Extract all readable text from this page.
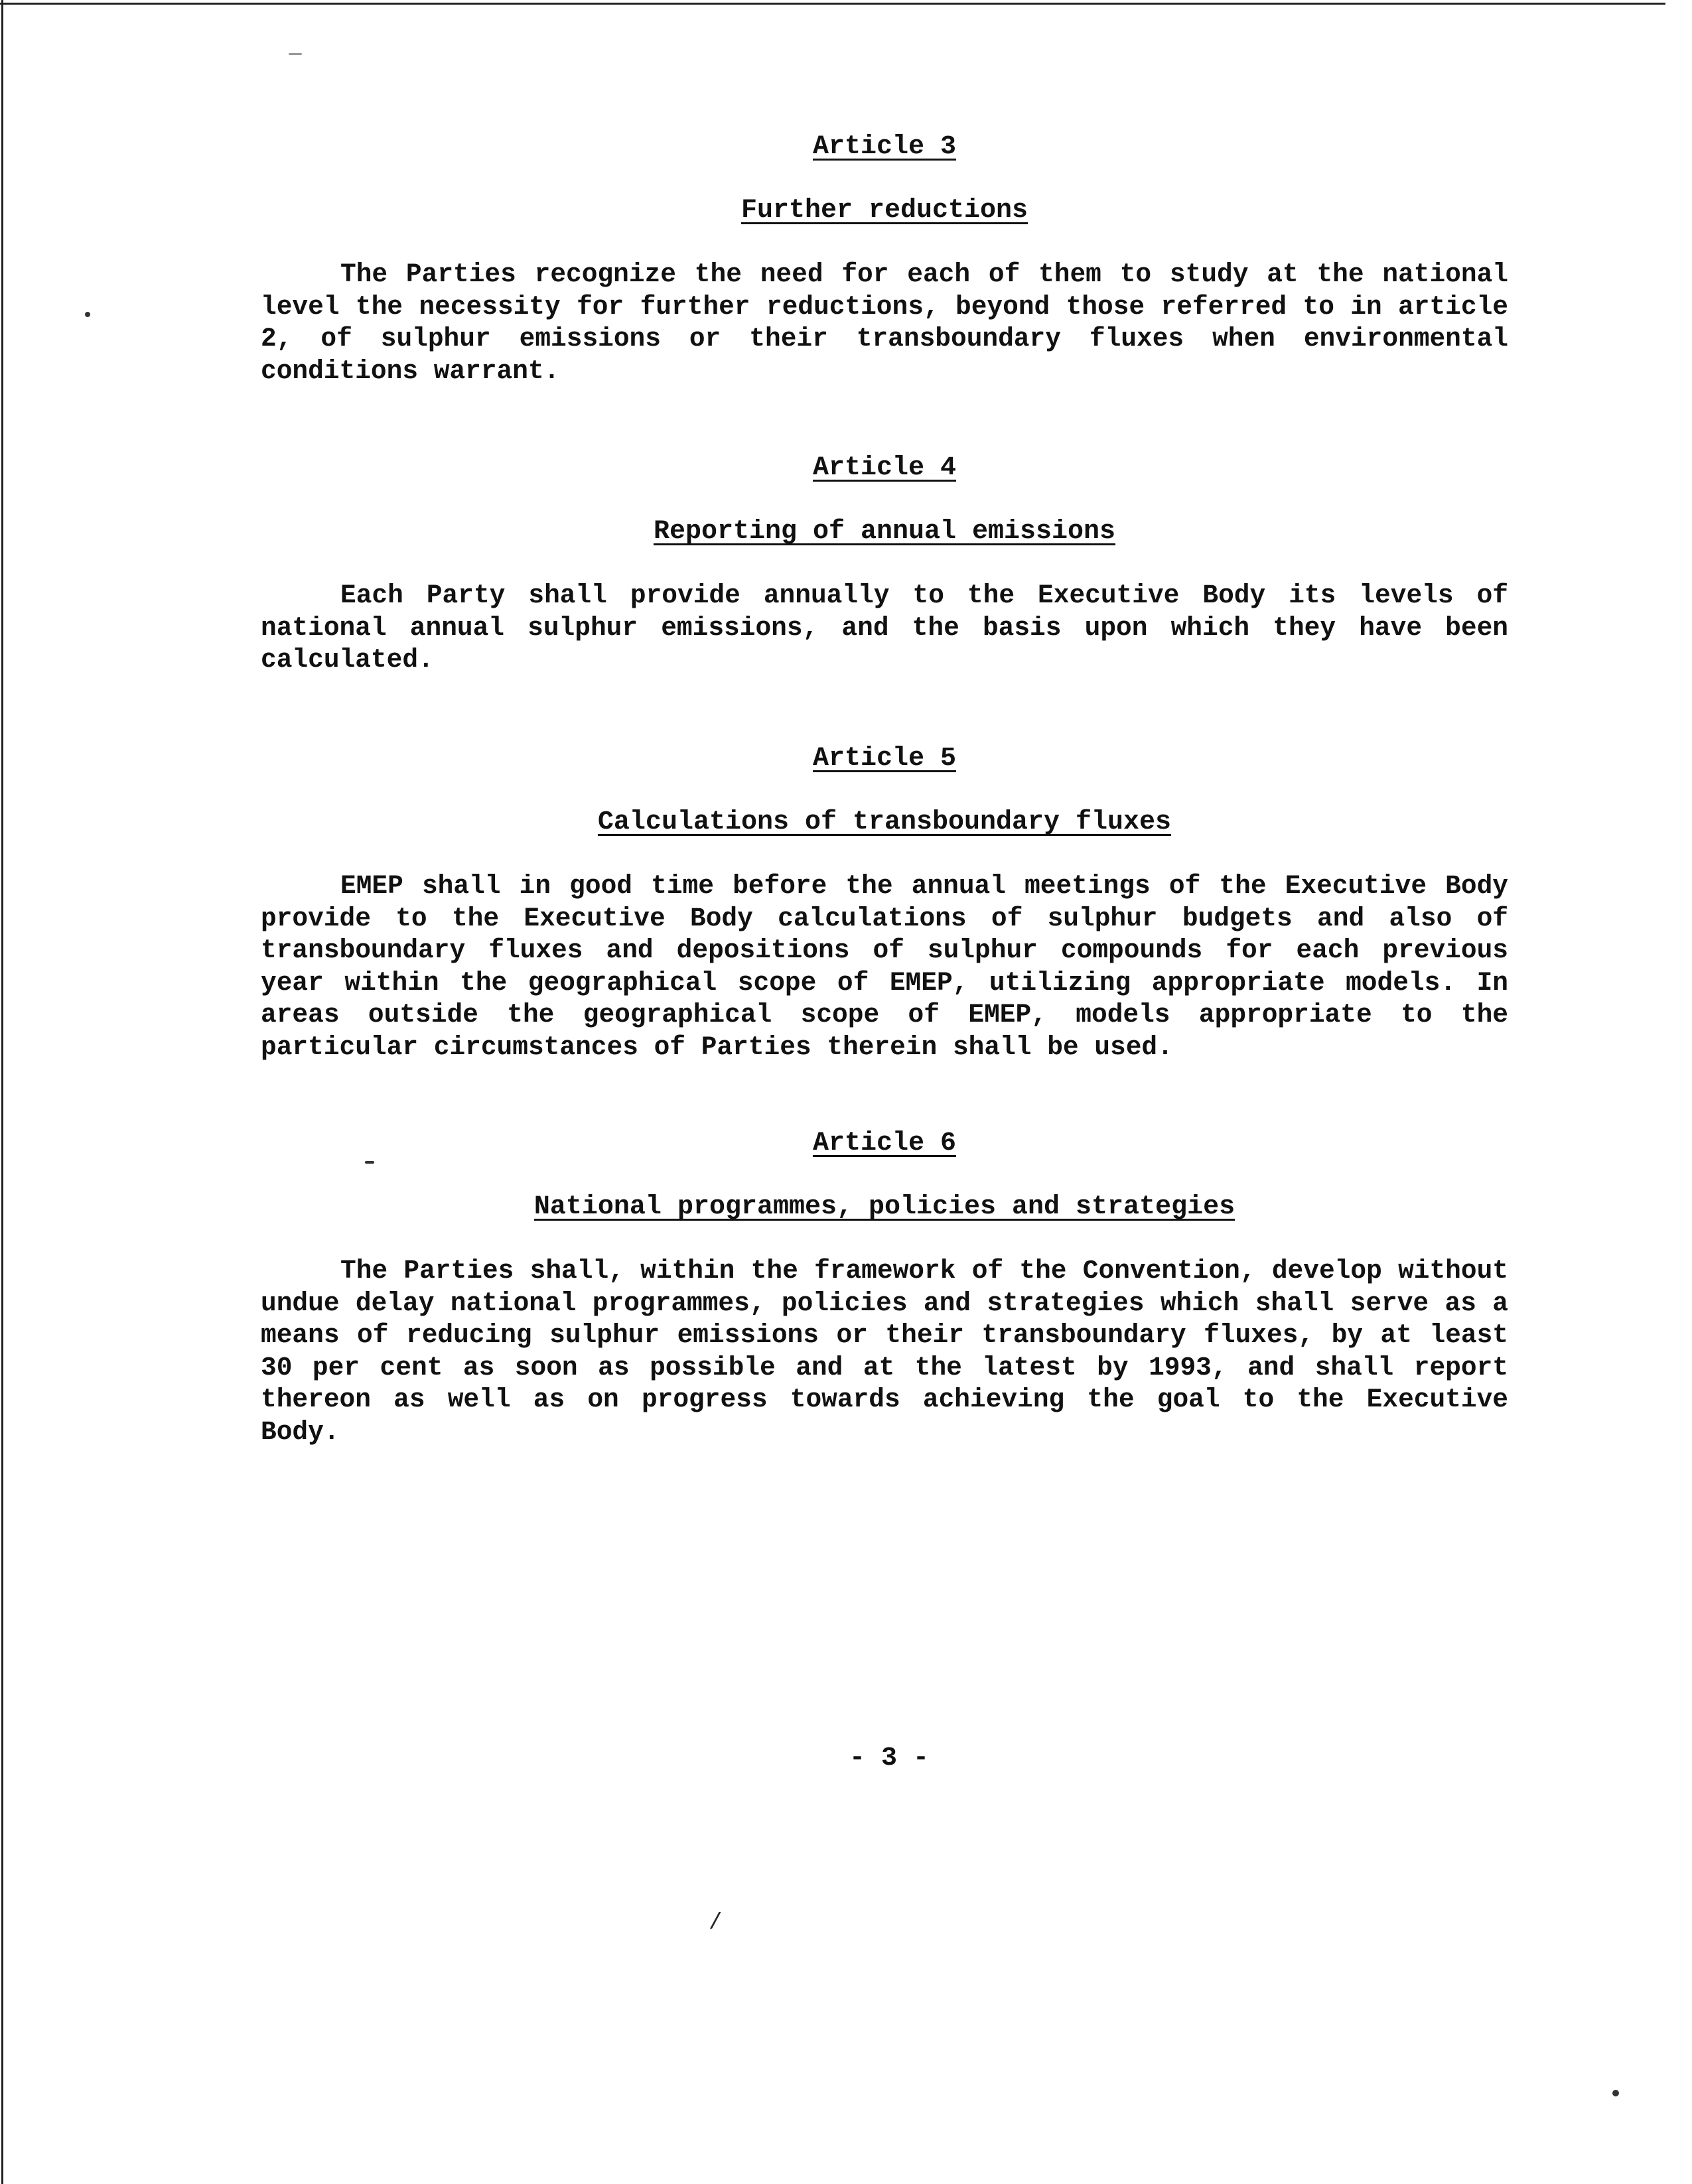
/
Article 3
Further reductions

The Parties recognize the need for each of them to study at the national level the necessity for further reductions, beyond those referred to in article 2, of sulphur emissions or their transboundary fluxes when environmental conditions warrant.

Article 4
Reporting of annual emissions

Each Party shall provide annually to the Executive Body its levels of national annual sulphur emissions, and the basis upon which they have been calculated.

Article 5
Calculations of transboundary fluxes

EMEP shall in good time before the annual meetings of the Executive Body provide to the Executive Body calculations of sulphur budgets and also of transboundary fluxes and depositions of sulphur compounds for each previous year within the geographical scope of EMEP, utilizing appropriate models. In areas outside the geographical scope of EMEP, models appropriate to the particular circumstances of Parties therein shall be used.

Article 6
National programmes, policies and strategies

The Parties shall, within the framework of the Convention, develop without undue delay national programmes, policies and strategies which shall serve as a means of reducing sulphur emissions or their transboundary fluxes, by at least 30 per cent as soon as possible and at the latest by 1993, and shall report thereon as well as on progress towards achieving the goal to the Executive Body.

- 3 -
